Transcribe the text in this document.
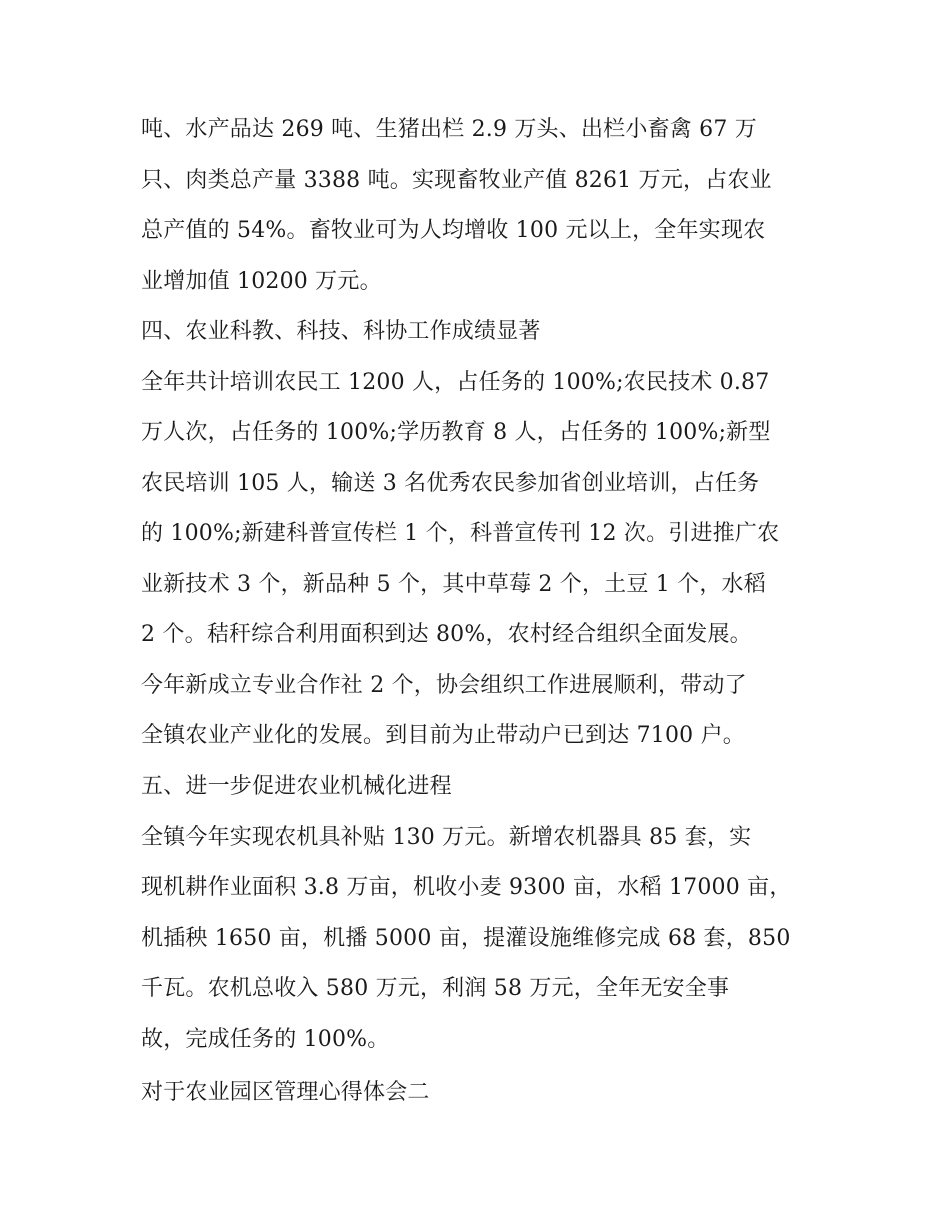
吨、水产品达 269 吨、生猪出栏 2.9 万头、出栏小畜禽 67 万
只、肉类总产量 3388 吨。实现畜牧业产值 8261 万元，占农业
总产值的 54%。畜牧业可为人均增收 100 元以上，全年实现农
业增加值 10200 万元。
四、农业科教、科技、科协工作成绩显著
全年共计培训农民工 1200 人，占任务的 100%;农民技术 0.87
万人次，占任务的 100%;学历教育 8 人，占任务的 100%;新型
农民培训 105 人，输送 3 名优秀农民参加省创业培训，占任务
的 100%;新建科普宣传栏 1 个，科普宣传刊 12 次。引进推广农
业新技术 3 个，新品种 5 个，其中草莓 2 个，土豆 1 个，水稻
2 个。秸秆综合利用面积到达 80%，农村经合组织全面发展。
今年新成立专业合作社 2 个，协会组织工作进展顺利，带动了
全镇农业产业化的发展。到目前为止带动户已到达 7100 户。
五、进一步促进农业机械化进程
全镇今年实现农机具补贴 130 万元。新增农机器具 85 套，实
现机耕作业面积 3.8 万亩，机收小麦 9300 亩，水稻 17000 亩，
机插秧 1650 亩，机播 5000 亩，提灌设施维修完成 68 套，850
千瓦。农机总收入 580 万元，利润 58 万元，全年无安全事
故，完成任务的 100%。
对于农业园区管理心得体会二
